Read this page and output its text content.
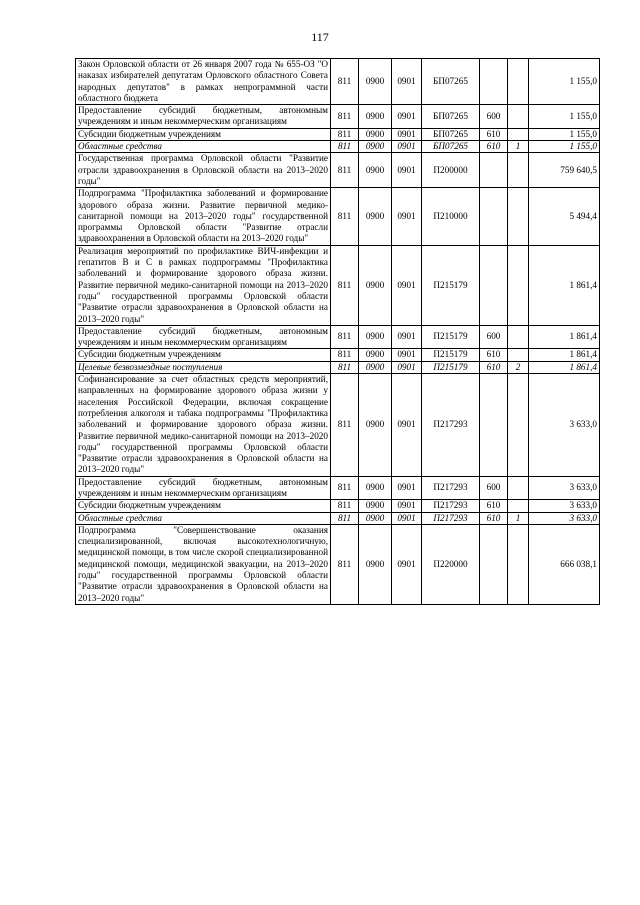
117
Закон Орловской области от 26 января 2007 года № 655-ОЗ "О наказах избирателей депутатам Орловского областного Совета народных депутатов" в рамках непрограммной части областного бюджета	811	0900	0901	БП07265			1 155,0
Предоставление субсидий бюджетным, автономным учреждениям и иным некоммерческим организациям	811	0900	0901	БП07265	600		1 155,0
Субсидии бюджетным учреждениям	811	0900	0901	БП07265	610		1 155,0
Областные средства	811	0900	0901	БП07265	610	1	1 155,0
Государственная программа Орловской области "Развитие отрасли здравоохранения в Орловской области на 2013–2020 годы"	811	0900	0901	П200000			759 640,5
Подпрограмма "Профилактика заболеваний и формирование здорового образа жизни. Развитие первичной медико-санитарной помощи на 2013–2020 годы" государственной программы Орловской области "Развитие отрасли здравоохранения в Орловской области на 2013–2020 годы"	811	0900	0901	П210000			5 494,4
Реализация мероприятий по профилактике ВИЧ-инфекции и гепатитов В и С в рамках подпрограммы "Профилактика заболеваний и формирование здорового образа жизни. Развитие первичной медико-санитарной помощи на 2013–2020 годы" государственной программы Орловской области "Развитие отрасли здравоохранения в Орловской области на 2013–2020 годы"	811	0900	0901	П215179			1 861,4
Предоставление субсидий бюджетным, автономным учреждениям и иным некоммерческим организациям	811	0900	0901	П215179	600		1 861,4
Субсидии бюджетным учреждениям	811	0900	0901	П215179	610		1 861,4
Целевые безвозмездные поступления	811	0900	0901	П215179	610	2	1 861,4
Софинансирование за счет областных средств мероприятий, направленных на формирование здорового образа жизни у населения Российской Федерации, включая сокращение потребления алкоголя и табака подпрограммы "Профилактика заболеваний и формирование здорового образа жизни. Развитие первичной медико-санитарной помощи на 2013–2020 годы" государственной программы Орловской области "Развитие отрасли здравоохранения в Орловской области на 2013–2020 годы"	811	0900	0901	П217293			3 633,0
Предоставление субсидий бюджетным, автономным учреждениям и иным некоммерческим организациям	811	0900	0901	П217293	600		3 633,0
Субсидии бюджетным учреждениям	811	0900	0901	П217293	610		3 633,0
Областные средства	811	0900	0901	П217293	610	1	3 633,0
Подпрограмма "Совершенствование оказания специализированной, включая высокотехнологичную, медицинской помощи, в том числе скорой специализированной медицинской помощи, медицинской эвакуации, на 2013–2020 годы" государственной программы Орловской области "Развитие отрасли здравоохранения в Орловской области на 2013–2020 годы"	811	0900	0901	П220000			666 038,1
